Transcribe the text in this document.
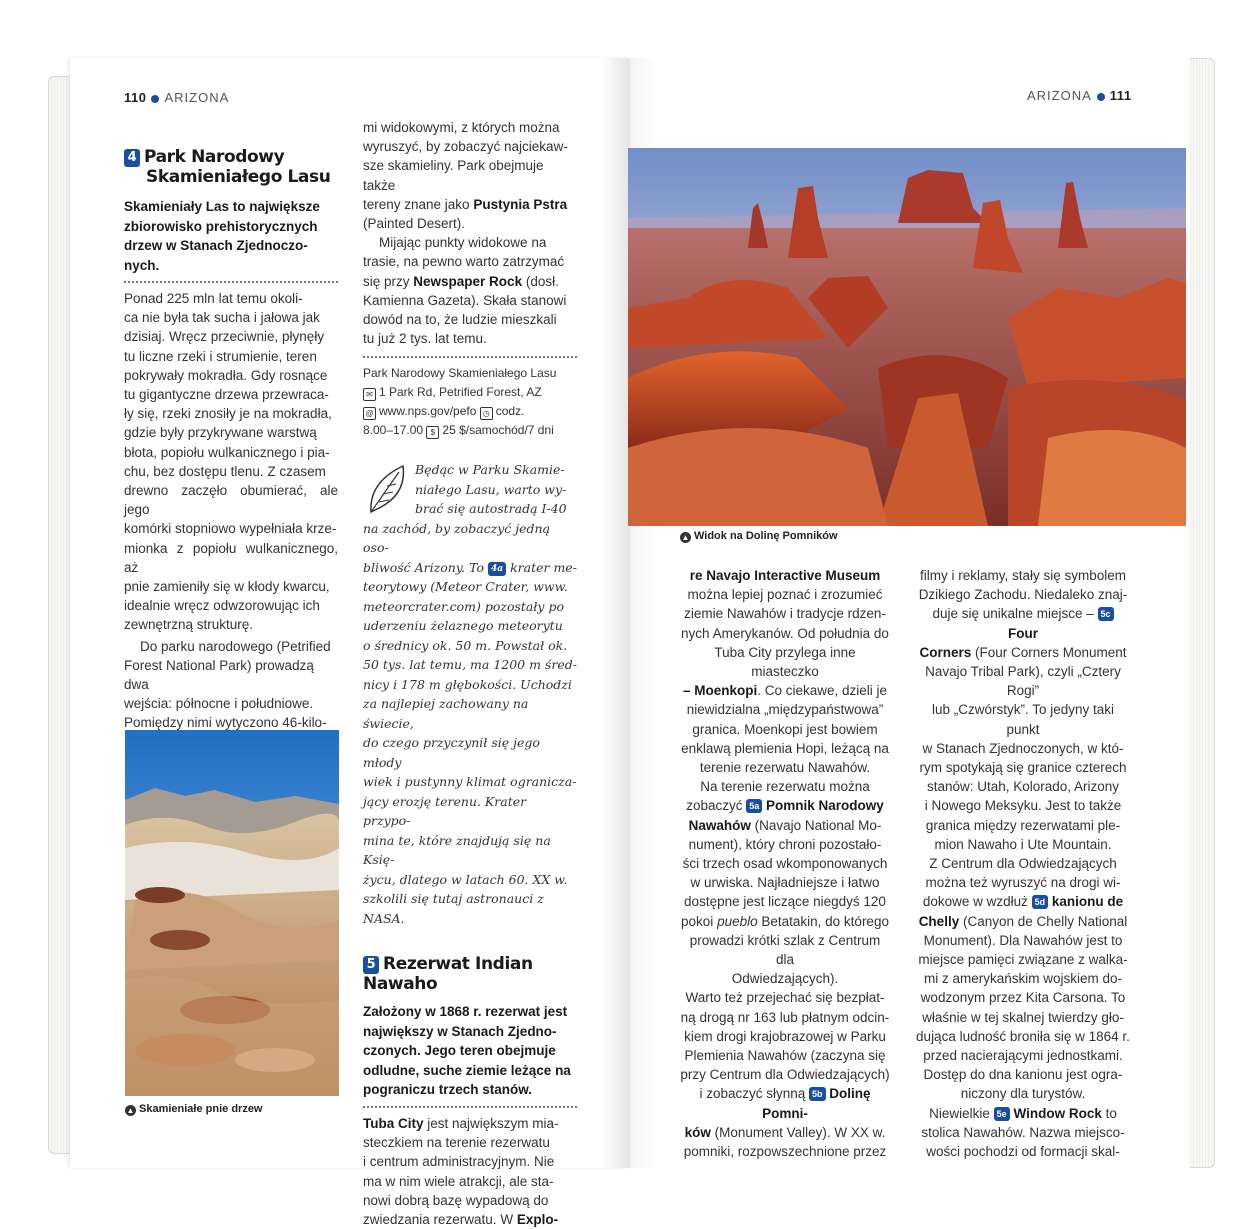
110 ARIZONA
4 Park Narodowy
Skamieniałego Lasu
Skamieniały Las to największe
zbiorowisko prehistorycznych
drzew w Stanach Zjednoczo-
nych.
Ponad 225 mln lat temu okoli-
ca nie była tak sucha i jałowa jak
dzisiaj. Wręcz przeciwnie, płynęły
tu liczne rzeki i strumienie, teren
pokrywały mokradła. Gdy rosnące
tu gigantyczne drzewa przewraca-
ły się, rzeki znosiły je na mokradła,
gdzie były przykrywane warstwą
błota, popiołu wulkanicznego i pia-
chu, bez dostępu tlenu. Z czasem
drewno zaczęło obumierać, ale jego
komórki stopniowo wypełniała krze-
mionka z popiołu wulkanicznego, aż
pnie zamieniły się w kłody kwarcu,
idealnie wręcz odwzorowując ich
zewnętrzną strukturę.
Do parku narodowego (Petrified
Forest National Park) prowadzą dwa
wejścia: północne i południowe.
Pomiędzy nimi wytyczono 46-kilo-
▲ Skamieniałe pnie drzew
mi widokowymi, z których można
wyruszyć, by zobaczyć najciekaw-
sze skamieliny. Park obejmuje także
tereny znane jako Pustynia Pstra
(Painted Desert).
Mijając punkty widokowe na
trasie, na pewno warto zatrzymać
się przy Newspaper Rock (dosł.
Kamienna Gazeta). Skała stanowi
dowód na to, że ludzie mieszkali
tu już 2 tys. lat temu.
Park Narodowy Skamieniałego Lasu
✉ 1 Park Rd, Petrified Forest, AZ
@ www.nps.gov/pefo ◷ codz.
8.00–17.00 $ 25 $/samochód/7 dni
Będąc w Parku Skamie-
niałego Lasu, warto wy-
brać się autostradą I-40
na zachód, by zobaczyć jedną oso-
bliwość Arizony. To 4a krater me-
teorytowy (Meteor Crater, www.
meteorcrater.com) pozostały po
uderzeniu żelaznego meteorytu
o średnicy ok. 50 m. Powstał ok.
50 tys. lat temu, ma 1200 m śred-
nicy i 178 m głębokości. Uchodzi
za najlepiej zachowany na świecie,
do czego przyczynił się jego młody
wiek i pustynny klimat ogranicza-
jący erozję terenu. Krater przypo-
mina te, które znajdują się na Księ-
życu, dlatego w latach 60. XX w.
szkolili się tutaj astronauci z NASA.
5 Rezerwat Indian Nawaho
Założony w 1868 r. rezerwat jest
największy w Stanach Zjedno-
czonych. Jego teren obejmuje
odludne, suche ziemie leżące na
pograniczu trzech stanów.
Tuba City jest największym mia-
steczkiem na terenie rezerwatu
i centrum administracyjnym. Nie
ma w nim wiele atrakcji, ale sta-
nowi dobrą bazę wypadową do
zwiedzania rezerwatu. W Explo-
ARIZONA 111
▲ Widok na Dolinę Pomników
re Navajo Interactive Museum
można lepiej poznać i zrozumieć
ziemie Nawahów i tradycje rdzen-
nych Amerykanów. Od południa do
Tuba City przylega inne miasteczko
– Moenkopi. Co ciekawe, dzieli je
niewidzialna „międzypaństwowa”
granica. Moenkopi jest bowiem
enklawą plemienia Hopi, leżącą na
terenie rezerwatu Nawahów.
Na terenie rezerwatu można
zobaczyć 5a Pomnik Narodowy
Nawahów (Navajo National Mo-
nument), który chroni pozostało-
ści trzech osad wkomponowanych
w urwiska. Najładniejsze i łatwo
dostępne jest liczące niegdyś 120
pokoi pueblo Betatakin, do którego
prowadzi krótki szlak z Centrum dla
Odwiedzających).
Warto też przejechać się bezpłat-
ną drogą nr 163 lub płatnym odcin-
kiem drogi krajobrazowej w Parku
Plemienia Nawahów (zaczyna się
przy Centrum dla Odwiedzających)
i zobaczyć słynną 5b Dolinę Pomni-
ków (Monument Valley). W XX w.
pomniki, rozpowszechnione przez
filmy i reklamy, stały się symbolem
Dzikiego Zachodu. Niedaleko znaj-
duje się unikalne miejsce – 5c Four
Corners (Four Corners Monument
Navajo Tribal Park), czyli „Cztery Rogi”
lub „Czwórstyk”. To jedyny taki punkt
w Stanach Zjednoczonych, w któ-
rym spotykają się granice czterech
stanów: Utah, Kolorado, Arizony
i Nowego Meksyku. Jest to także
granica między rezerwatami ple-
mion Nawaho i Ute Mountain.
Z Centrum dla Odwiedzających
można też wyruszyć na drogi wi-
dokowe w wzdłuż 5d kanionu de
Chelly (Canyon de Chelly National
Monument). Dla Nawahów jest to
miejsce pamięci związane z walka-
mi z amerykańskim wojskiem do-
wodzonym przez Kita Carsona. To
właśnie w tej skalnej twierdzy gło-
dująca ludność broniła się w 1864 r.
przed nacierającymi jednostkami.
Dostęp do dna kanionu jest ogra-
niczony dla turystów.
Niewielkie 5e Window Rock to
stolica Nawahów. Nazwa miejsco-
wości pochodzi od formacji skal-
